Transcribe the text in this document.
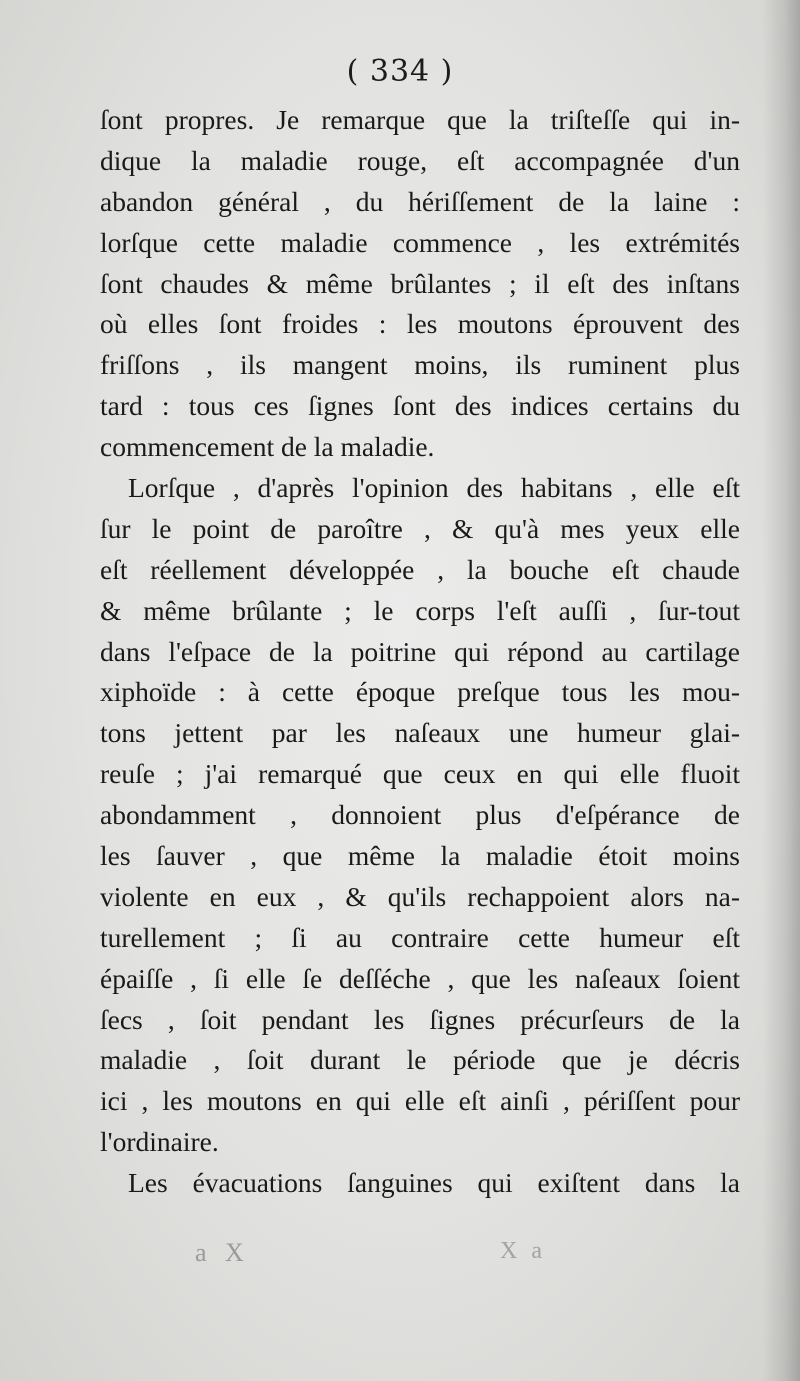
( 334 )
ſont propres. Je remarque que la triſteſſe qui in-
dique la maladie rouge, eſt accompagnée d'un
abandon général , du hériſſement de la laine :
lorſque cette maladie commence , les extrémités
ſont chaudes & même brûlantes ; il eſt des inſtans
où elles ſont froides : les moutons éprouvent des
friſſons , ils mangent moins, ils ruminent plus
tard : tous ces ſignes ſont des indices certains du
commencement de la maladie.
Lorſque , d'après l'opinion des habitans , elle eſt
ſur le point de paroître , & qu'à mes yeux elle
eſt réellement développée , la bouche eſt chaude
& même brûlante ; le corps l'eſt auſſi , ſur-tout
dans l'eſpace de la poitrine qui répond au cartilage
xiphoïde : à cette époque preſque tous les mou-
tons jettent par les naſeaux une humeur glai-
reuſe ; j'ai remarqué que ceux en qui elle fluoit
abondamment , donnoient plus d'eſpérance de
les ſauver , que même la maladie étoit moins
violente en eux , & qu'ils rechappoient alors na-
turellement ; ſi au contraire cette humeur eſt
épaiſſe , ſi elle ſe deſſéche , que les naſeaux ſoient
ſecs , ſoit pendant les ſignes précurſeurs de la
maladie , ſoit durant le période que je décris
ici , les moutons en qui elle eſt ainſi , périſſent pour
l'ordinaire.
Les évacuations ſanguines qui exiſtent dans la
a X	X a
